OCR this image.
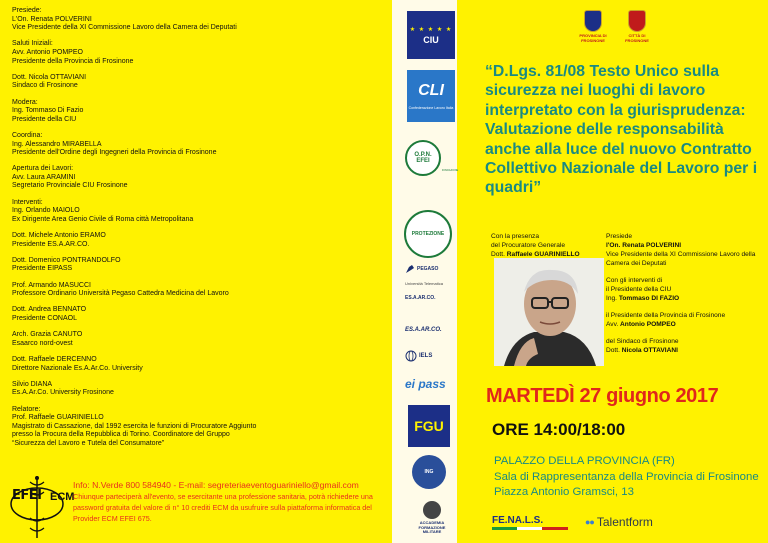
Presiede:
L'On. Renata POLVERINI
Vice Presidente della XI Commissione Lavoro della Camera dei Deputati
Saluti Iniziali:
Avv. Antonio POMPEO
Presidente della Provincia di Frosinone
Dott. Nicola OTTAVIANI
Sindaco di Frosinone
Modera:
Ing. Tommaso Di Fazio
Presidente della CIU
Coordina:
Ing. Alessandro MIRABELLA
Presidente dell'Ordine degli Ingegneri della Provincia di Frosinone
Apertura dei Lavori:
Avv. Laura ARAMINI
Segretario Provinciale CIU Frosinone
Interventi:
Ing. Orlando MAIOLO
Ex Dirigente Area Genio Civile di Roma città Metropolitana
Dott. Michele Antonio ERAMO
Presidente ES.A.AR.CO.
Dott. Domenico PONTRANDOLFO
Presidente EIPASS
Prof. Armando MASUCCI
Professore Ordinario Università Pegaso Cattedra Medicina del Lavoro
Dott. Andrea BENNATO
Presidente CONAOL
Arch. Grazia CANUTO
Esaarco nord-ovest
Dott. Raffaele DERCENNO
Direttore Nazionale Es.A.Ar.Co. University
Silvio DIANA
Es.A.Ar.Co. University Frosinone
Relatore:
Prof. Raffaele GUARINIELLO
Magistrato di Cassazione, dal 1992 esercita le funzioni di Procuratore Aggiunto
presso la Procura della Repubblica di Torino. Coordinatore del Gruppo
“Sicurezza del Lavoro e Tutela del Consumatore”
EFEI ECM
Info: N.Verde 800 584940 - E-mail: segreteriaeventoguariniello@gmail.com
Chiunque parteciperà all'evento, se esercitante una professione sanitaria, potrà richiedere una password gratuita del valore di n° 10 crediti ECM da usufruire sulla piattaforma informatica del Provider ECM EFEI 675.
★ ★ ★ ★ ★
CIU
CLI
Confederazione Lavoro Italia
O.P.N. EFEI
FONDAZIONE
PROTEZIONE
PEGASO
Università Telematica
ES.A.AR.CO.
ES.A.AR.CO.
IELS
ei pass
FGU
ING
ACCADEMIA FORMAZIONE MILITARE
PROVINCIA DI FROSINONE
CITTÀ DI FROSINONE
“D.Lgs. 81/08 Testo Unico sulla sicurezza nei luoghi di lavoro interpretato con la giurisprudenza: Valutazione delle responsabilità anche alla luce del nuovo Contratto Collettivo Nazionale del Lavoro per i quadri”
Con la presenza
del Procuratore Generale
Dott. Raffaele GUARINIELLO
Presiede
l'On. Renata POLVERINI
Vice Presidente della XI Commissione Lavoro della Camera dei Deputati
Con gli interventi di
il Presidente della CIU
Ing. Tommaso DI FAZIO
il Presidente della Provincia di Frosinone
Avv. Antonio POMPEO
del Sindaco di Frosinone
Dott. Nicola OTTAVIANI
MARTEDÌ 27 giugno 2017
ORE 14:00/18:00
PALAZZO DELLA PROVINCIA (FR)
Sala di Rappresentanza della Provincia di Frosinone
Piazza Antonio Gramsci, 13
FE.NA.L.S.	●● Talentform
